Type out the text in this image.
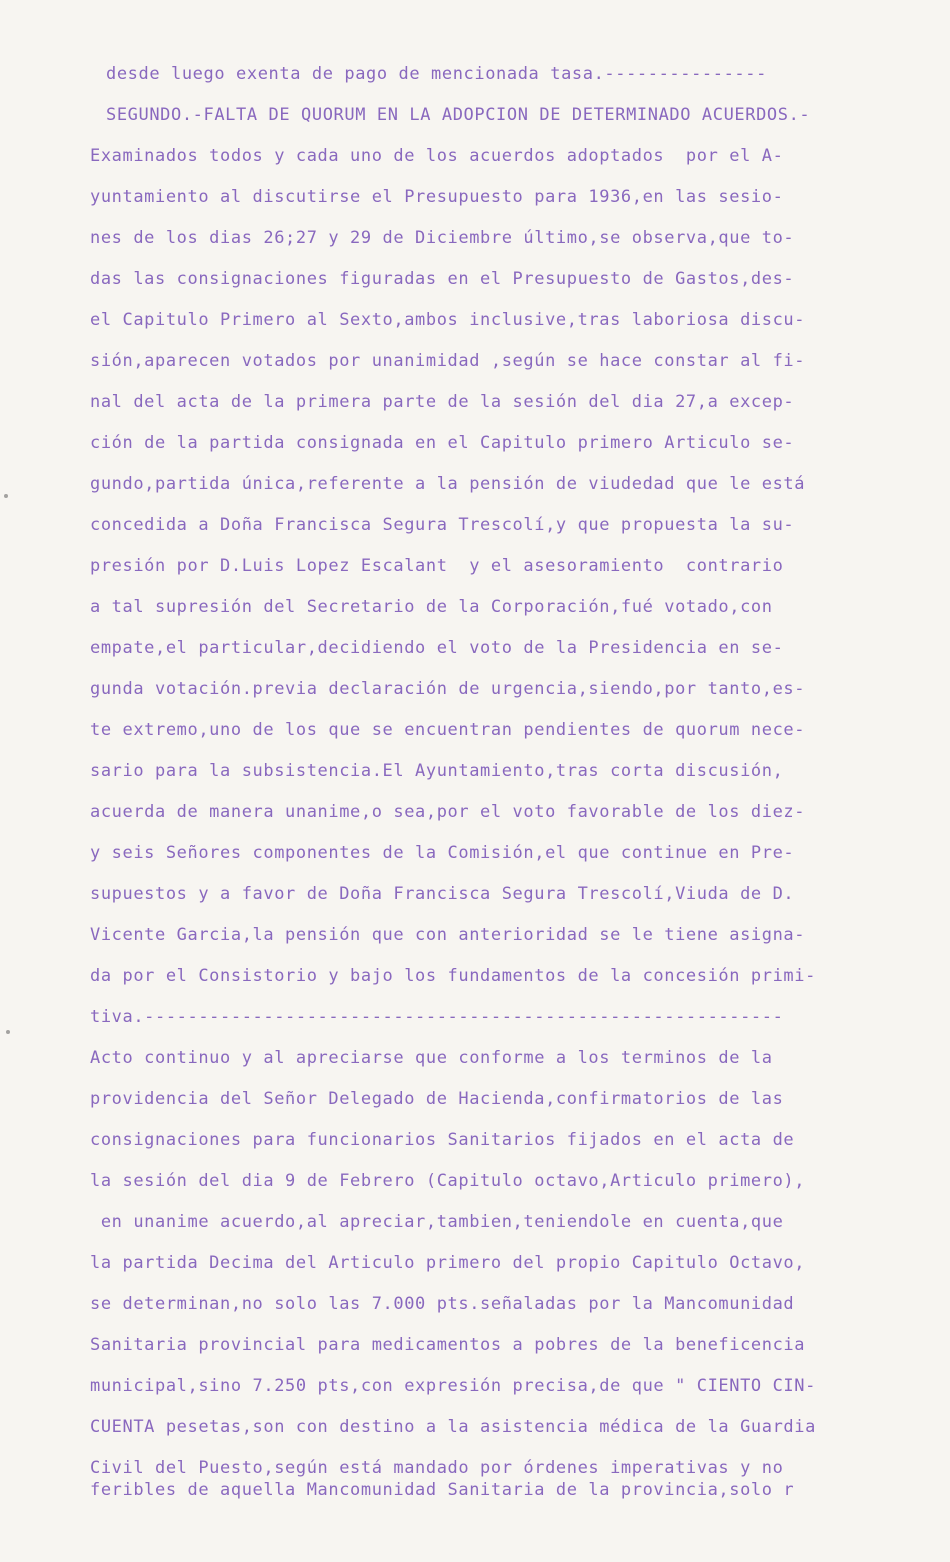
desde luego exenta de pago de mencionada tasa.---------------
SEGUNDO.-FALTA DE QUORUM EN LA ADOPCION DE DETERMINADO ACUERDOS.-
Examinados todos y cada uno de los acuerdos adoptados  por el A-
yuntamiento al discutirse el Presupuesto para 1936,en las sesio-
nes de los dias 26;27 y 29 de Diciembre último,se observa,que to-
das las consignaciones figuradas en el Presupuesto de Gastos,des-
el Capitulo Primero al Sexto,ambos inclusive,tras laboriosa discu-
sión,aparecen votados por unanimidad ,según se hace constar al fi-
nal del acta de la primera parte de la sesión del dia 27,a excep-
ción de la partida consignada en el Capitulo primero Articulo se-
gundo,partida única,referente a la pensión de viudedad que le está
concedida a Doña Francisca Segura Trescolí,y que propuesta la su-
presión por D.Luis Lopez Escalant  y el asesoramiento  contrario
a tal supresión del Secretario de la Corporación,fué votado,con
empate,el particular,decidiendo el voto de la Presidencia en se-
gunda votación.previa declaración de urgencia,siendo,por tanto,es-
te extremo,uno de los que se encuentran pendientes de quorum nece-
sario para la subsistencia.El Ayuntamiento,tras corta discusión,
acuerda de manera unanime,o sea,por el voto favorable de los diez-
y seis Señores componentes de la Comisión,el que continue en Pre-
supuestos y a favor de Doña Francisca Segura Trescolí,Viuda de D.
Vicente Garcia,la pensión que con anterioridad se le tiene asigna-
da por el Consistorio y bajo los fundamentos de la concesión primi-
tiva.-----------------------------------------------------------
Acto continuo y al apreciarse que conforme a los terminos de la
providencia del Señor Delegado de Hacienda,confirmatorios de las
consignaciones para funcionarios Sanitarios fijados en el acta de
la sesión del dia 9 de Febrero (Capitulo octavo,Articulo primero),
en unanime acuerdo,al apreciar,tambien,teniendole en cuenta,que
la partida Decima del Articulo primero del propio Capitulo Octavo,
se determinan,no solo las 7.000 pts.señaladas por la Mancomunidad
Sanitaria provincial para medicamentos a pobres de la beneficencia
municipal,sino 7.250 pts,con expresión precisa,de que " CIENTO CIN-
CUENTA pesetas,son con destino a la asistencia médica de la Guardia
Civil del Puesto,según está mandado por órdenes imperativas y no
feribles de aquella Mancomunidad Sanitaria de la provincia,solo r
